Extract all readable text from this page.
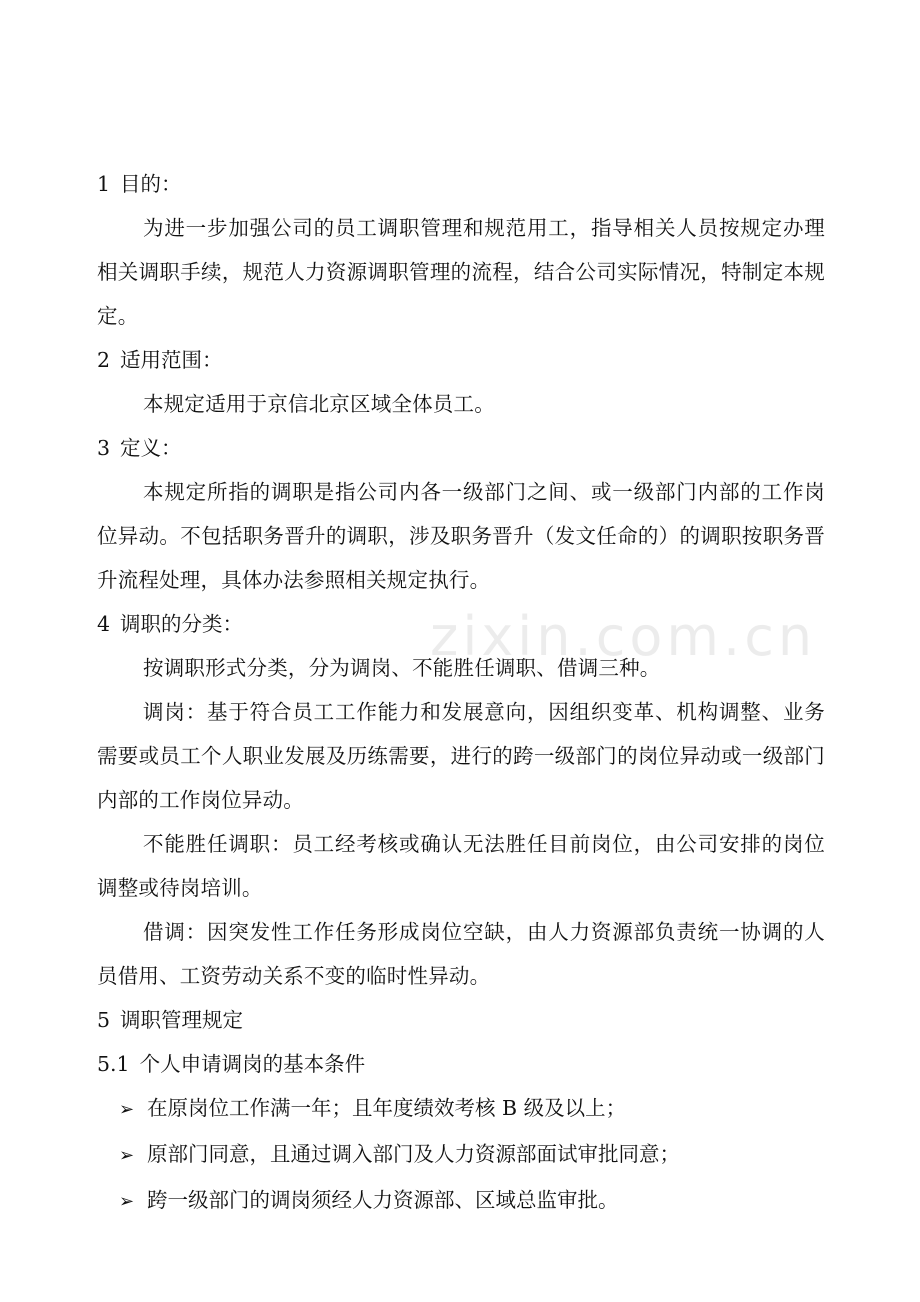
zixin.com.cn

1 目的：

为进一步加强公司的员工调职管理和规范用工，指导相关人员按规定办理相关调职手续，规范人力资源调职管理的流程，结合公司实际情况，特制定本规定。

2 适用范围：

本规定适用于京信北京区域全体员工。

3 定义：

本规定所指的调职是指公司内各一级部门之间、或一级部门内部的工作岗位异动。不包括职务晋升的调职，涉及职务晋升（发文任命的）的调职按职务晋升流程处理，具体办法参照相关规定执行。

4 调职的分类：

按调职形式分类，分为调岗、不能胜任调职、借调三种。

调岗：基于符合员工工作能力和发展意向，因组织变革、机构调整、业务需要或员工个人职业发展及历练需要，进行的跨一级部门的岗位异动或一级部门内部的工作岗位异动。

不能胜任调职：员工经考核或确认无法胜任目前岗位，由公司安排的岗位调整或待岗培训。

借调：因突发性工作任务形成岗位空缺，由人力资源部负责统一协调的人员借用、工资劳动关系不变的临时性异动。

5 调职管理规定

5.1 个人申请调岗的基本条件

➢ 在原岗位工作满一年；且年度绩效考核 B 级及以上；
➢ 原部门同意，且通过调入部门及人力资源部面试审批同意；
➢ 跨一级部门的调岗须经人力资源部、区域总监审批。
